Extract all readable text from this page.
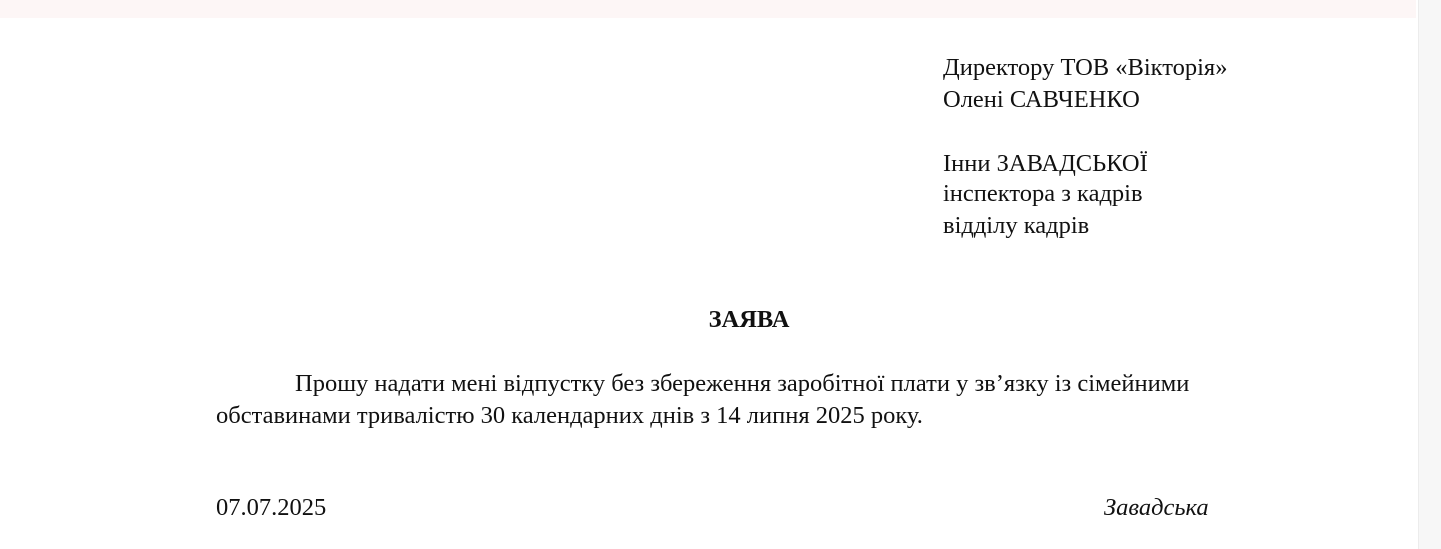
Директору ТОВ «Вікторія»
Олені САВЧЕНКО
Інни ЗАВАДСЬКОЇ
інспектора з кадрів
відділу кадрів
ЗАЯВА
Прошу надати мені відпустку без збереження заробітної плати у зв’язку із сімейними
обставинами тривалістю 30 календарних днів з 14 липня 2025 року.
07.07.2025	Завадська
